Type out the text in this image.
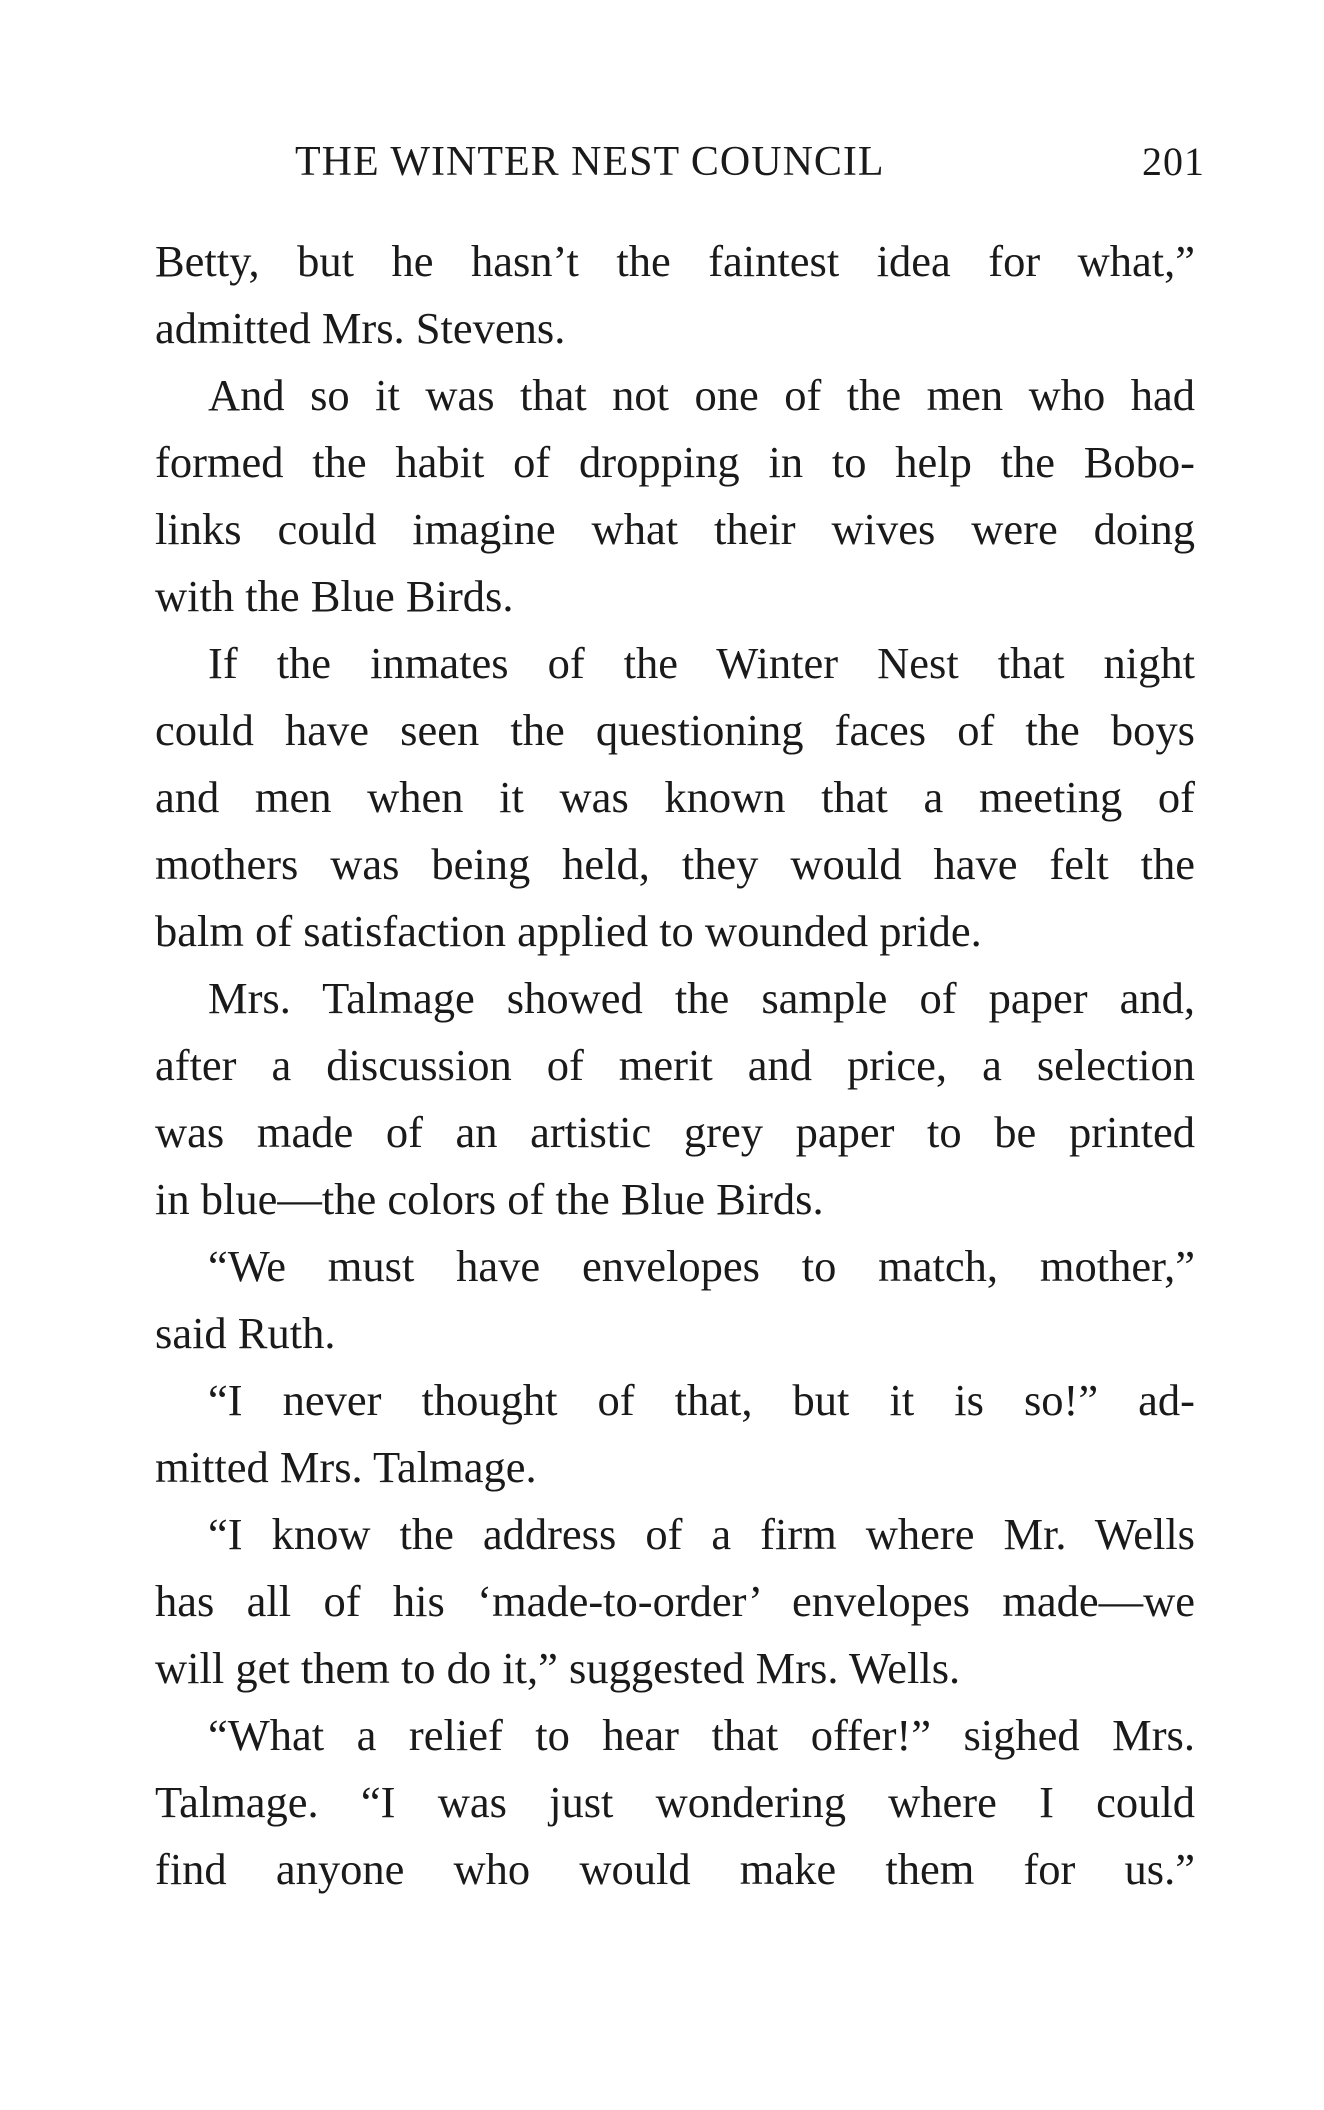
THE WINTER NEST COUNCIL	201

Betty, but he hasn’t the faintest idea for what,”
admitted Mrs. Stevens.

And so it was that not one of the men who had
formed the habit of dropping in to help the Bobo-
links could imagine what their wives were doing
with the Blue Birds.

If the inmates of the Winter Nest that night
could have seen the questioning faces of the boys
and men when it was known that a meeting of
mothers was being held, they would have felt the
balm of satisfaction applied to wounded pride.

Mrs. Talmage showed the sample of paper and,
after a discussion of merit and price, a selection
was made of an artistic grey paper to be printed
in blue—the colors of the Blue Birds.

“We must have envelopes to match, mother,”
said Ruth.

“I never thought of that, but it is so!” ad-
mitted Mrs. Talmage.

“I know the address of a firm where Mr. Wells
has all of his ‘made-to-order’ envelopes made—we
will get them to do it,” suggested Mrs. Wells.

“What a relief to hear that offer!” sighed Mrs.
Talmage. “I was just wondering where I could
find anyone who would make them for us.”
